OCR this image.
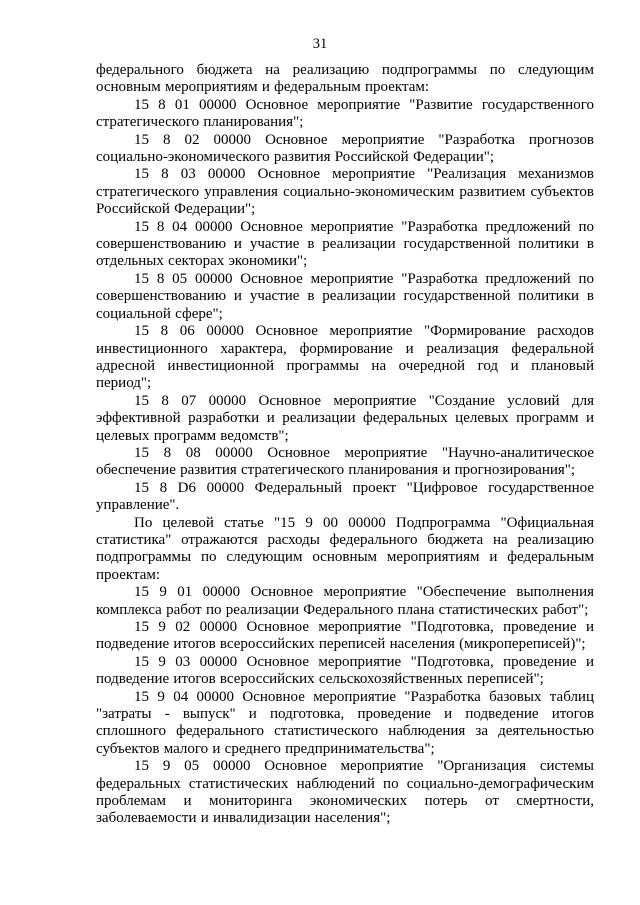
31

федерального бюджета на реализацию подпрограммы по следующим основным мероприятиям и федеральным проектам:

15 8 01 00000 Основное мероприятие "Развитие государственного стратегического планирования";

15 8 02 00000 Основное мероприятие "Разработка прогнозов социально-экономического развития Российской Федерации";

15 8 03 00000 Основное мероприятие "Реализация механизмов стратегического управления социально-экономическим развитием субъектов Российской Федерации";

15 8 04 00000 Основное мероприятие "Разработка предложений по совершенствованию и участие в реализации государственной политики в отдельных секторах экономики";

15 8 05 00000 Основное мероприятие "Разработка предложений по совершенствованию и участие в реализации государственной политики в социальной сфере";

15 8 06 00000 Основное мероприятие "Формирование расходов инвестиционного характера, формирование и реализация федеральной адресной инвестиционной программы на очередной год и плановый период";

15 8 07 00000 Основное мероприятие "Создание условий для эффективной разработки и реализации федеральных целевых программ и целевых программ ведомств";

15 8 08 00000 Основное мероприятие "Научно-аналитическое обеспечение развития стратегического планирования и прогнозирования";

15 8 D6 00000 Федеральный проект "Цифровое государственное управление".

По целевой статье "15 9 00 00000 Подпрограмма "Официальная статистика" отражаются расходы федерального бюджета на реализацию подпрограммы по следующим основным мероприятиям и федеральным проектам:

15 9 01 00000 Основное мероприятие "Обеспечение выполнения комплекса работ по реализации Федерального плана статистических работ";

15 9 02 00000 Основное мероприятие "Подготовка, проведение и подведение итогов всероссийских переписей населения (микропереписей)";

15 9 03 00000 Основное мероприятие "Подготовка, проведение и подведение итогов всероссийских сельскохозяйственных переписей";

15 9 04 00000 Основное мероприятие "Разработка базовых таблиц "затраты - выпуск" и подготовка, проведение и подведение итогов сплошного федерального статистического наблюдения за деятельностью субъектов малого и среднего предпринимательства";

15 9 05 00000 Основное мероприятие "Организация системы федеральных статистических наблюдений по социально-демографическим проблемам и мониторинга экономических потерь от смертности, заболеваемости и инвалидизации населения";
